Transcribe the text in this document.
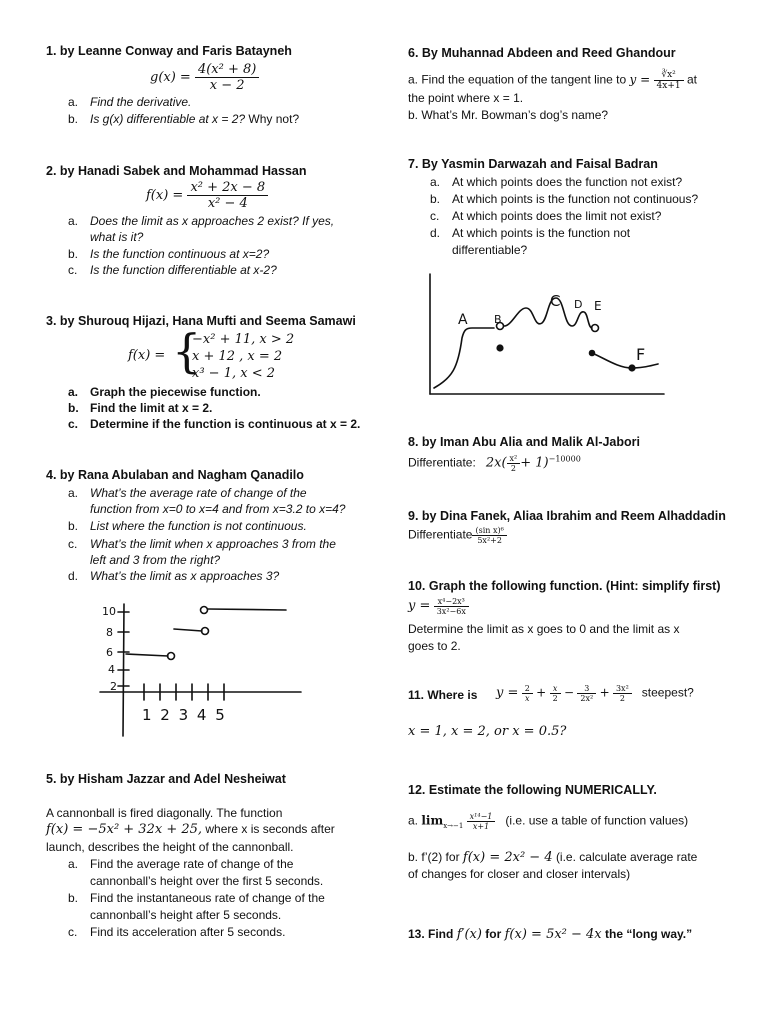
1. by Leanne Conway and Faris Batayneh
$g(x) = \frac{\text{4(x² + 8)}}{x - 2}$
a. Find the derivative.
b. Is g(x) differentiable at x = 2? Why not?
2. by Hanadi Sabek and Mohammad Hassan
$f(x) = \frac{\text{x² + 2x − 8}}{\text{x² − 4}}$
a. Does the limit as x approaches 2 exist? If yes,
what is it?
b. Is the function continuous at x=2?
c. Is the function differentiable at x-2?
3. by Shurouq Hijazi, Hana Mufti and Seema Samawi
f(x) = {
−x² + 11, x > 2
x + 12 , x = 2
x³ − 1, x < 2
a. Graph the piecewise function.
b. Find the limit at x = 2.
c. Determine if the function is continuous at x = 2.
4. by Rana Abulaban and Nagham Qanadilo
a. What’s the average rate of change of the
function from x=0 to x=4 and from x=3.2 to x=4?
b. List where the function is not continuous.
c. What’s the limit when x approaches 3 from the
left and 3 from the right?
d. What’s the limit as x approaches 3?
10
8
6
4
2
1 2 3 4 5
5. by Hisham Jazzar and Adel Nesheiwat
A cannonball is fired diagonally. The function
f(x) = −5x² + 32x + 25, where x is seconds after
launch, describes the height of the cannonball.
a. Find the average rate of change of the
cannonball’s height over the first 5 seconds.
b. Find the instantaneous rate of change of the
cannonball’s height after 5 seconds.
c. Find its acceleration after 5 seconds.
6. By Muhannad Abdeen and Reed Ghandour
a. Find the equation of the tangent line to $y = \frac{\text{∛x²}}{4x+1}$ at
the point where x = 1.
b. What’s Mr. Bowman’s dog’s name?
7. By Yasmin Darwazah and Faisal Badran
a. At which points does the function not exist?
b. At which points is the function not continuous?
c. At which points does the limit not exist?
d. At which points is the function not
differentiable?
A B
C D E
F
8. by Iman Abu Alia and Malik Al-Jabori
Differentiate: $2x( \frac{\text{x²}}{2} + 1)^{-10000}$
9. by Dina Fanek, Aliaa Ibrahim and Reem Alhaddadin
Differentiate $\frac{\text{(sin x)⁶}}{\text{5x²+2}}$
10. Graph the following function. (Hint: simplify first)
$y = \frac{\text{x⁴−2x³}}{\text{3x²−6x}}$
Determine the limit as x goes to 0 and the limit as x
goes to 2.
11. Where is $y = \frac{2}{x} + \frac{x}{2} - \frac{3}{\text{2x²}} + \frac{\text{3x²}}{2}$ steepest?
x = 1, x = 2, or x = 0.5?
12. Estimate the following NUMERICALLY.
a. $\lim_{x\to-1} \frac{\text{x¹⁴−1}}{x+1} (i.e$. use a table of function values)
b. f’(2) for f(x) = 2x² − 4 (i.e. calculate average rate
of changes for closer and closer intervals)
13. Find f′(x) for f(x) = 5x² − 4x the “long way.”
